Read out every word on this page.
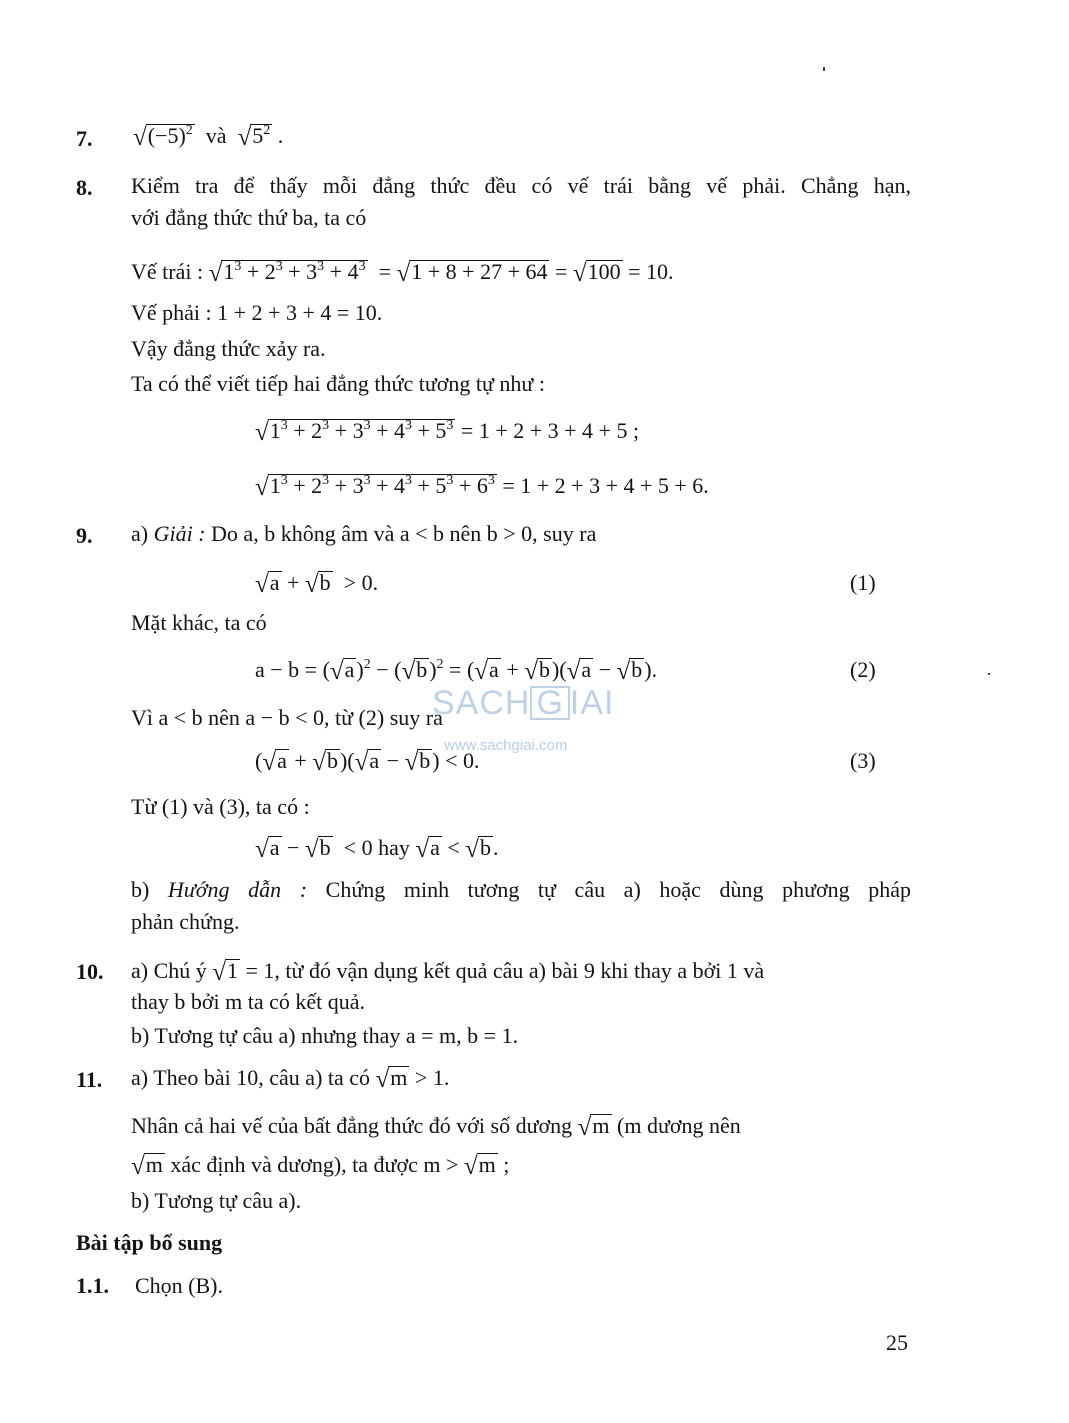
7. $√(-5)^2$ và $√5^2$ .
8. Kiểm tra để thấy mỗi đẳng thức đều có vế trái bằng vế phải. Chẳng hạn,
với đẳng thức thứ ba, ta có
Vế trái : $√1^3 + 2^3 + 3^3 + 4^3 = √1 + 8 + 27 + 64 = √100 = 10$.
Vế phải : 1 + 2 + 3 + 4 = 10.
Vậy đẳng thức xảy ra.
Ta có thể viết tiếp hai đẳng thức tương tự như :
$√1^3 + 2^3 + 3^3 + 4^3 + 5^3 = 1 + 2 + 3 + 4 + 5$ ;
$√1^3 + 2^3 + 3^3 + 4^3 + 5^3 + 6^3 = 1 + 2 + 3 + 4 + 5 + 6$.
9. a) Giải : Do a, b không âm và a < b nên b > 0, suy ra
√a + √b > 0.	(1)
Mặt khác, ta có
$a - b = (√a)^2 - (√b)^2 = (√a + √b)(√a - √b)$.	(2)
Vì a < b nên a − b < 0, từ (2) suy ra
(√a + √b)(√a − √b) < 0.	(3)
Từ (1) và (3), ta có :
√a − √b < 0 hay √a < √b.
b) Hướng dẫn : Chứng minh tương tự câu a) hoặc dùng phương pháp
phản chứng.
10. a) Chú ý √1 = 1, từ đó vận dụng kết quả câu a) bài 9 khi thay a bởi 1 và
thay b bởi m ta có kết quả.
b) Tương tự câu a) nhưng thay a = m, b = 1.
11. a) Theo bài 10, câu a) ta có √m > 1.
Nhân cả hai vế của bất đẳng thức đó với số dương √m (m dương nên
√m xác định và dương), ta được m > √m ;
b) Tương tự câu a).
Bài tập bổ sung
1.1. Chọn (B).
SACH G IAI
www.sachgiai.com
25
